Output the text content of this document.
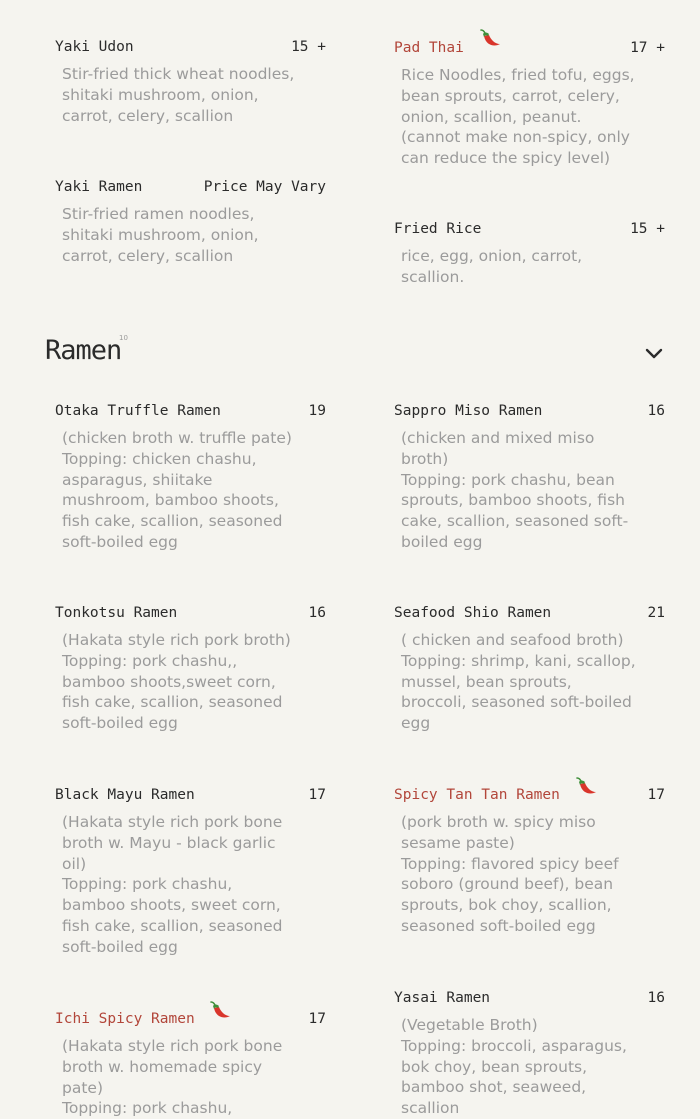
Yaki Udon	15 +
Stir-fried thick wheat noodles,
shitaki mushroom, onion,
carrot, celery, scallion
Pad Thai	17 +
Rice Noodles, fried tofu, eggs,
bean sprouts, carrot, celery,
onion, scallion, peanut.
(cannot make non-spicy, only
can reduce the spicy level)
Yaki Ramen	Price May Vary
Stir-fried ramen noodles,
shitaki mushroom, onion,
carrot, celery, scallion
Fried Rice	15 +
rice, egg, onion, carrot,
scallion.
Ramen
10
Otaka Truffle Ramen	19
(chicken broth w. truffle pate)
Topping: chicken chashu,
asparagus, shiitake
mushroom, bamboo shoots,
fish cake, scallion, seasoned
soft-boiled egg
Sappro Miso Ramen	16
(chicken and mixed miso
broth)
Topping: pork chashu, bean
sprouts, bamboo shoots, fish
cake, scallion, seasoned soft-
boiled egg
Tonkotsu Ramen	16
(Hakata style rich pork broth)
Topping: pork chashu,,
bamboo shoots,sweet corn,
fish cake, scallion, seasoned
soft-boiled egg
Seafood Shio Ramen	21
( chicken and seafood broth)
Topping: shrimp, kani, scallop,
mussel, bean sprouts,
broccoli, seasoned soft-boiled
egg
Black Mayu Ramen	17
(Hakata style rich pork bone
broth w. Mayu - black garlic
oil)
Topping: pork chashu,
bamboo shoots, sweet corn,
fish cake, scallion, seasoned
soft-boiled egg
Spicy Tan Tan Ramen	17
(pork broth w. spicy miso
sesame paste)
Topping: flavored spicy beef
soboro (ground beef), bean
sprouts, bok choy, scallion,
seasoned soft-boiled egg
Ichi Spicy Ramen	17
(Hakata style rich pork bone
broth w. homemade spicy
pate)
Topping: pork chashu,
Yasai Ramen	16
(Vegetable Broth)
Topping: broccoli, asparagus,
bok choy, bean sprouts,
bamboo shot, seaweed,
scallion
